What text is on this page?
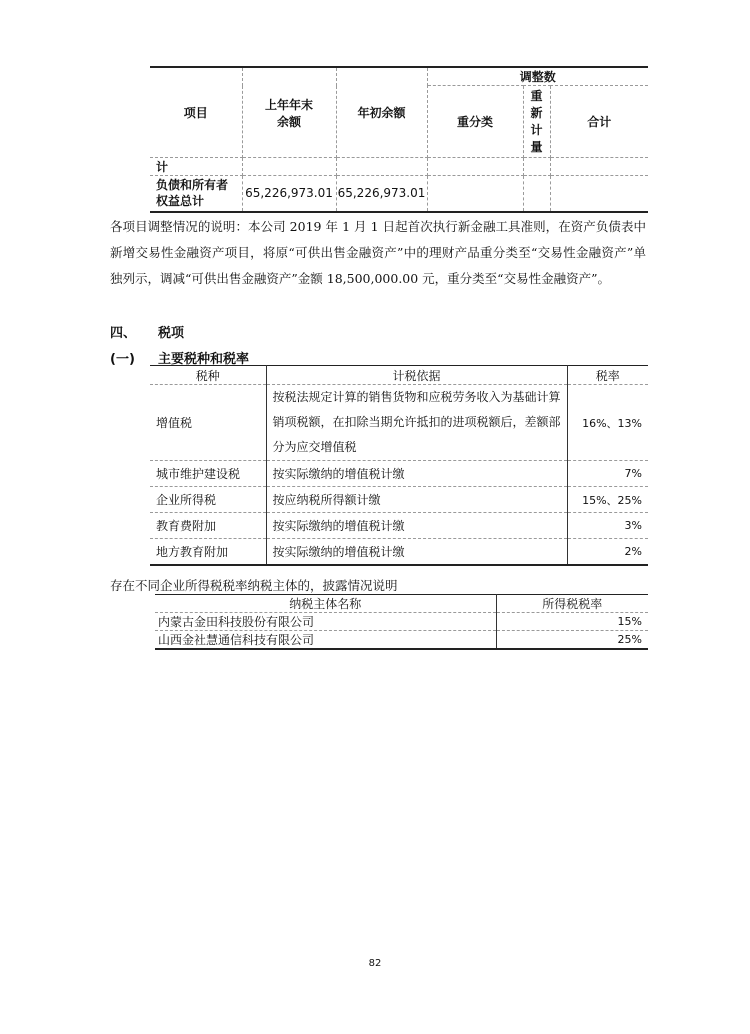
项目	上年年末余额	年初余额	调整数		
			重分类	重新计量	合计
计					
负债和所有者权益总计	65,226,973.01	65,226,973.01			
各项目调整情况的说明：本公司 2019 年 1 月 1 日起首次执行新金融工具准则，在资产负债表中新增交易性金融资产项目，将原“可供出售金融资产”中的理财产品重分类至“交易性金融资产”单独列示，调减“可供出售金融资产”金额 18,500,000.00 元，重分类至“交易性金融资产”。
四、 税项
(一) 主要税种和税率
税种	计税依据	税率
增值税	按税法规定计算的销售货物和应税劳务收入为基础计算销项税额，在扣除当期允许抵扣的进项税额后，差额部分为应交增值税	16%、13%
城市维护建设税	按实际缴纳的增值税计缴	7%
企业所得税	按应纳税所得额计缴	15%、25%
教育费附加	按实际缴纳的增值税计缴	3%
地方教育附加	按实际缴纳的增值税计缴	2%
存在不同企业所得税税率纳税主体的，披露情况说明
纳税主体名称	所得税税率
内蒙古金田科技股份有限公司	15%
山西金社慧通信科技有限公司	25%
82
